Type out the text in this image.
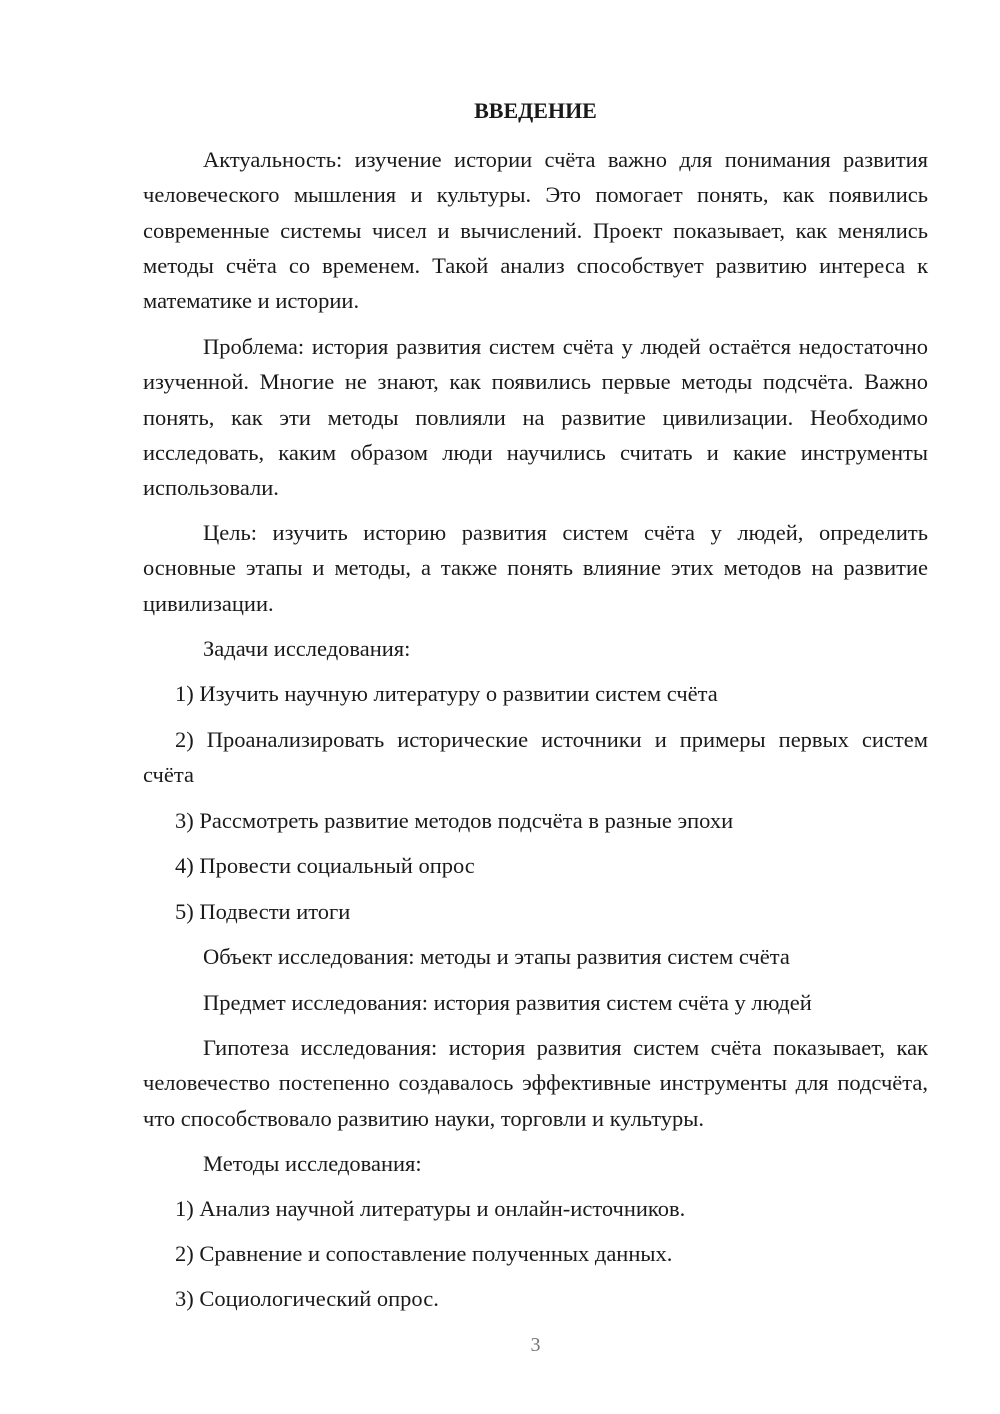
ВВЕДЕНИЕ

Актуальность: изучение истории счёта важно для понимания развития человеческого мышления и культуры. Это помогает понять, как появились современные системы чисел и вычислений. Проект показывает, как менялись методы счёта со временем. Такой анализ способствует развитию интереса к математике и истории.

Проблема: история развития систем счёта у людей остаётся недостаточно изученной. Многие не знают, как появились первые методы подсчёта. Важно понять, как эти методы повлияли на развитие цивилизации. Необходимо исследовать, каким образом люди научились считать и какие инструменты использовали.

Цель: изучить историю развития систем счёта у людей, определить основные этапы и методы, а также понять влияние этих методов на развитие цивилизации.

Задачи исследования:

1) Изучить научную литературу о развитии систем счёта

2) Проанализировать исторические источники и примеры первых систем счёта

3) Рассмотреть развитие методов подсчёта в разные эпохи

4) Провести социальный опрос

5) Подвести итоги

Объект исследования: методы и этапы развития систем счёта

Предмет исследования: история развития систем счёта у людей

Гипотеза исследования: история развития систем счёта показывает, как человечество постепенно создавалось эффективные инструменты для подсчёта, что способствовало развитию науки, торговли и культуры.

Методы исследования:

1) Анализ научной литературы и онлайн-источников.

2) Сравнение и сопоставление полученных данных.

3) Социологический опрос.

3
